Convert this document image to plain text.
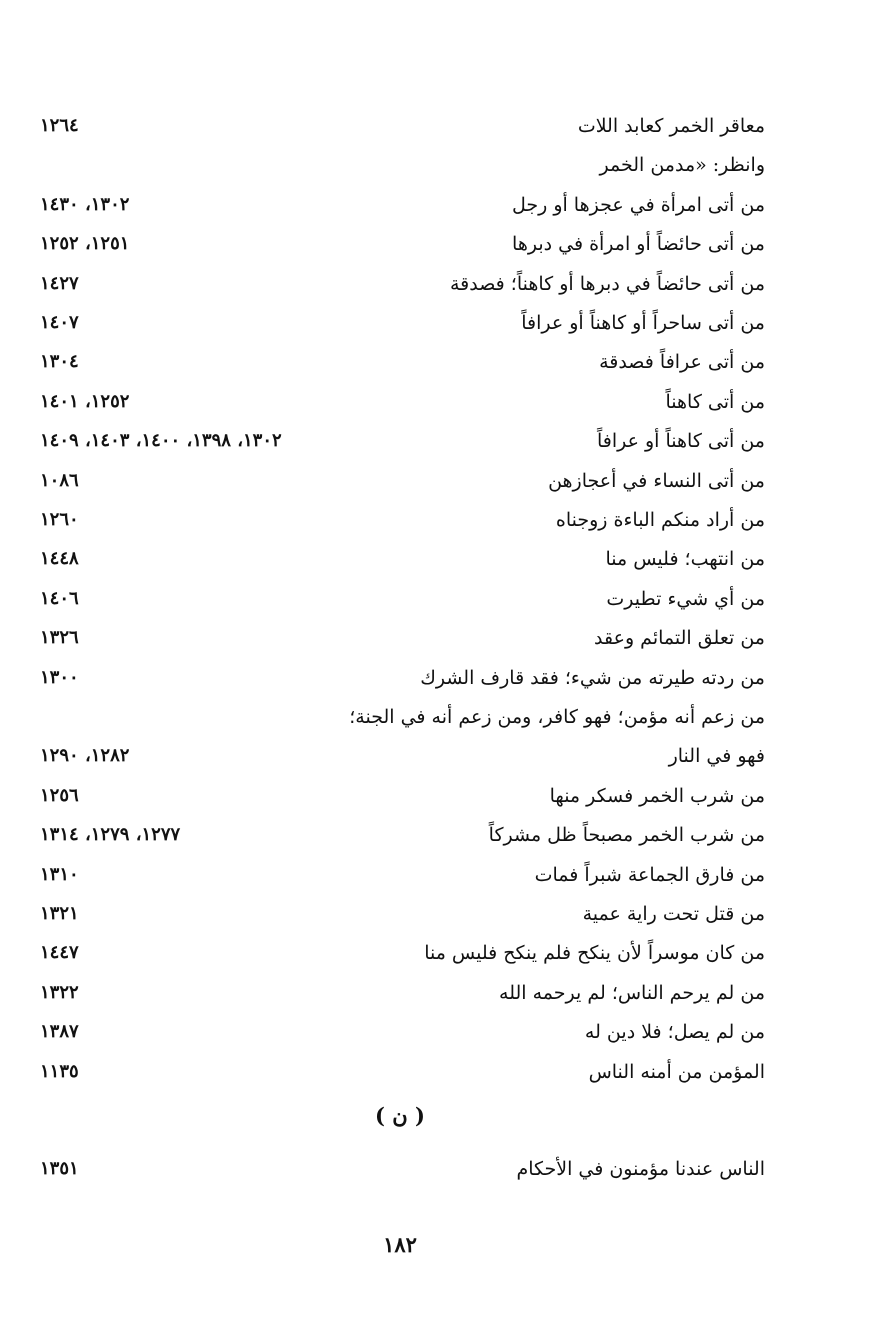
معاقر الخمر كعابد اللات
١٢٦٤
وانظر: «مدمن الخمر
من أتى امرأة في عجزها أو رجل
١٣٠٢، ١٤٣٠
من أتى حائضاً أو امرأة في دبرها
١٢٥١، ١٢٥٢
من أتى حائضاً في دبرها أو كاهناً؛ فصدقة
١٤٢٧
من أتى ساحراً أو كاهناً أو عرافاً
١٤٠٧
من أتى عرافاً فصدقة
١٣٠٤
من أتى كاهناً
١٢٥٢، ١٤٠١
من أتى كاهناً أو عرافاً
١٣٠٢، ١٣٩٨، ١٤٠٠، ١٤٠٣، ١٤٠٩
من أتى النساء في أعجازهن
١٠٨٦
من أراد منكم الباءة زوجناه
١٢٦٠
من انتهب؛ فليس منا
١٤٤٨
من أي شيء تطيرت
١٤٠٦
من تعلق التمائم وعقد
١٣٢٦
من ردته طيرته من شيء؛ فقد قارف الشرك
١٣٠٠
من زعم أنه مؤمن؛ فهو كافر، ومن زعم أنه في الجنة؛
فهو في النار
١٢٨٢، ١٢٩٠
من شرب الخمر فسكر منها
١٢٥٦
من شرب الخمر مصبحاً ظل مشركاً
١٢٧٧، ١٢٧٩، ١٣١٤
من فارق الجماعة شبراً فمات
١٣١٠
من قتل تحت راية عمية
١٣٢١
من كان موسراً لأن ينكح فلم ينكح فليس منا
١٤٤٧
من لم يرحم الناس؛ لم يرحمه الله
١٣٢٢
من لم يصل؛ فلا دين له
١٣٨٧
المؤمن من أمنه الناس
١١٣٥
( ن )
الناس عندنا مؤمنون في الأحكام
١٣٥١
١٨٢
